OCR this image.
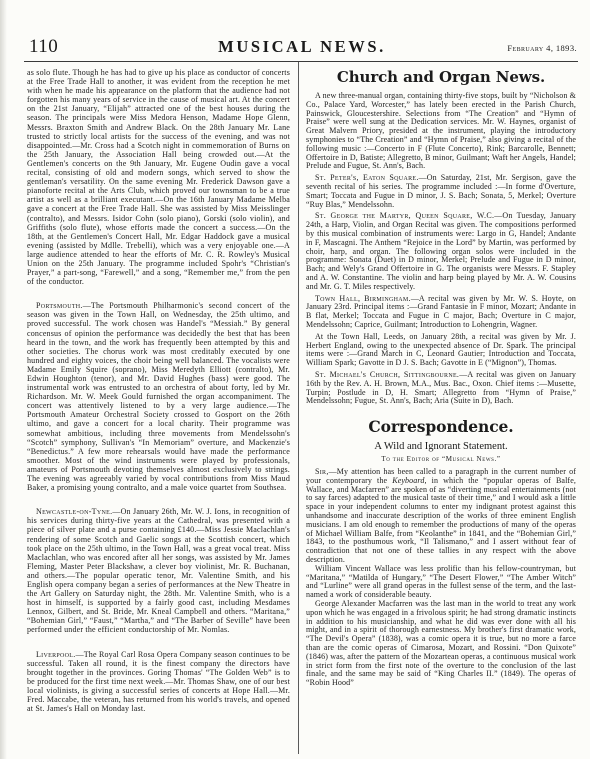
110	MUSICAL NEWS.	February 4, 1893.

as solo flute. Though he has had to give up his place as conductor of concerts at the Free Trade Hall to another, it was evident from the reception he met with when he made his appearance on the platform that the audience had not forgotten his many years of service in the cause of musical art. At the concert on the 21st January, “Elijah” attracted one of the best houses during the season. The principals were Miss Medora Henson, Madame Hope Glenn, Messrs. Braxton Smith and Andrew Black. On the 28th January Mr. Lane trusted to strictly local artists for the success of the evening, and was not disappointed.—Mr. Cross had a Scotch night in commemoration of Burns on the 25th January, the Association Hall being crowded out.—At the Gentlemen's concerts on the 9th January, Mr. Eugene Oudin gave a vocal recital, consisting of old and modern songs, which served to show the gentleman's versatility. On the same evening Mr. Frederick Dawson gave a pianoforte recital at the Arts Club, which proved our townsman to be a true artist as well as a brilliant executant.—On the 16th January Madame Melba gave a concert at the Free Trade Hall. She was assisted by Miss Meisslinger (contralto), and Messrs. Isidor Cohn (solo piano), Gorski (solo violin), and Griffiths (solo flute), whose efforts made the concert a success.—On the 18th, at the Gentlemen's Concert Hall, Mr. Edgar Haddock gave a musical evening (assisted by Mdlle. Trebelli), which was a very enjoyable one.—A large audience attended to hear the efforts of Mr. C. R. Rowley's Musical Union on the 25th January. The programme included Spohr's “Christian's Prayer,” a part-song, “Farewell,” and a song, “Remember me,” from the pen of the conductor.

Portsmouth.—The Portsmouth Philharmonic's second concert of the season was given in the Town Hall, on Wednesday, the 25th ultimo, and proved successful. The work chosen was Handel's “Messiah.” By general concensus of opinion the performance was decidedly the best that has been heard in the town, and the work has frequently been attempted by this and other societies. The chorus work was most creditably executed by one hundred and eighty voices, the choir being well balanced. The vocalists were Madame Emily Squire (soprano), Miss Meredyth Elliott (contralto), Mr. Edwin Houghton (tenor), and Mr. David Hughes (bass) were good. The instrumental work was entrusted to an orchestra of about forty, led by Mr. Richardson. Mr. W. Meek Gould furnished the organ accompaniment. The concert was attentively listened to by a very large audience.—The Portsmouth Amateur Orchestral Society crossed to Gosport on the 26th ultimo, and gave a concert for a local charity. Their programme was somewhat ambitious, including three movements from Mendelssohn's “Scotch” symphony, Sullivan's “In Memoriam” overture, and Mackenzie's “Benedictus.” A few more rehearsals would have made the performance smoother. Most of the wind instruments were played by professionals, amateurs of Portsmouth devoting themselves almost exclusively to strings. The evening was agreeably varied by vocal contributions from Miss Maud Baker, a promising young contralto, and a male voice quartet from Southsea.

Newcastle-on-Tyne.—On January 26th, Mr. W. J. Ions, in recognition of his services during thirty-five years at the Cathedral, was presented with a piece of silver plate and a purse containing £140.—Miss Jessie Maclachlan's rendering of some Scotch and Gaelic songs at the Scottish concert, which took place on the 25th ultimo, in the Town Hall, was a great vocal treat. Miss Maclachlan, who was encored after all her songs, was assisted by Mr. James Fleming, Master Peter Blackshaw, a clever boy violinist, Mr. R. Buchanan, and others.—The popular operatic tenor, Mr. Valentine Smith, and his English opera company began a series of performances at the New Theatre in the Art Gallery on Saturday night, the 28th. Mr. Valentine Smith, who is a host in himself, is supported by a fairly good cast, including Mesdames Lennox, Gilbert, and St. Bride, Mr. Kneal Campbell and others. “Maritana,” “Bohemian Girl,” “Faust,” “Martha,” and “The Barber of Seville” have been performed under the efficient conductorship of Mr. Nomlas.

Liverpool.—The Royal Carl Rosa Opera Company season continues to be successful. Taken all round, it is the finest company the directors have brought together in the provinces. Goring Thomas' “The Golden Web” is to be produced for the first time next week.—Mr. Thomas Shaw, one of our best local violinists, is giving a successful series of concerts at Hope Hall.—Mr. Fred. Maccabe, the veteran, has returned from his world's travels, and opened at St. James's Hall on Monday last.

Church and Organ News.

A new three-manual organ, containing thirty-five stops, built by “Nicholson & Co., Palace Yard, Worcester,” has lately been erected in the Parish Church, Painswick, Gloucestershire. Selections from “The Creation” and “Hymn of Praise” were well sung at the Dedication services. Mr. W. Haynes, organist of Great Malvern Priory, presided at the instrument, playing the introductory symphonies to “The Creation” and “Hymn of Praise,” also giving a recital of the following music :—Concerto in F (Flute Concerto), Rink; Barcarolle, Bennett; Offertoire in D, Batiste; Allegretto, B minor, Guilmant; Waft her Angels, Handel; Prelude and Fugue, St. Ann's, Bach.

St. Peter's, Eaton Square.—On Saturday, 21st, Mr. Sergison, gave the seventh recital of his series. The programme included :—In forme d'Overture, Smart; Toccata and Fugue in D minor, J. S. Bach; Sonata, 5, Merkel; Overture “Ruy Blas,” Mendelssohn.

St. George the Martyr, Queen Square, W.C.—On Tuesday, January 24th, a Harp, Violin, and Organ Recital was given. The compositions performed by this musical combination of instruments were: Largo in G, Handel; Andante in F, Mascagni. The Anthem “Rejoice in the Lord” by Martin, was performed by choir, harp, and organ. The following organ solos were included in the programme: Sonata (Duet) in D minor, Merkel; Prelude and Fugue in D minor, Bach; and Wely's Grand Offertoire in G. The organists were Messrs. F. Stapley and A. W. Constantine. The violin and harp being played by Mr. A. W. Cousins and Mr. G. T. Miles respectively.

Town Hall, Birmingham.—A recital was given by Mr. W. S. Hoyte, on January 23rd. Principal items :—Grand Fantasie in F minor, Mozart; Andante in B flat, Merkel; Toccata and Fugue in C major, Bach; Overture in C major, Mendelssohn; Caprice, Guilmant; Introduction to Lohengrin, Wagner.

At the Town Hall, Leeds, on January 28th, a recital was given by Mr. J. Herbert England, owing to the unexpected absence of Dr. Spark. The principal items were :—Grand March in C, Leonard Gautier; Introduction and Toccata, William Spark; Gavotte in D J. S. Bach; Gavotte in E (“Mignon”), Thomas.

St. Michael's Church, Sittingbourne.—A recital was given on January 16th by the Rev. A. H. Brown, M.A., Mus. Bac., Oxon. Chief items :—Musette, Turpin; Postlude in D, H. Smart; Allegretto from “Hymn of Praise,” Mendelssohn; Fugue, St. Ann's, Bach; Aria (Suite in D), Bach.

Correspondence.
A Wild and Ignorant Statement.
To the Editor of “Musical News.”

Sir,—My attention has been called to a paragraph in the current number of your contemporary the Keyboard, in which the “popular operas of Balfe, Wallace, and Macfarren” are spoken of as “diverting musical entertainments (not to say farces) adapted to the musical taste of their time,” and I would ask a little space in your independent columns to enter my indignant protest against this unhandsome and inaccurate description of the works of three eminent English musicians. I am old enough to remember the productions of many of the operas of Michael William Balfe, from “Keolanthe” in 1841, and the “Bohemian Girl,” 1843, to the posthumous work, “Il Talismano,” and I assert without fear of contradiction that not one of these tallies in any respect with the above description.

William Vincent Wallace was less prolific than his fellow-countryman, but “Maritana,” “Matilda of Hungary,” “The Desert Flower,” “The Amber Witch” and “Lurline” were all grand operas in the fullest sense of the term, and the last-named a work of considerable beauty.

George Alexander Macfarren was the last man in the world to treat any work upon which he was engaged in a frivolous spirit; he had strong dramatic instincts in addition to his musicianship, and what he did was ever done with all his might, and in a spirit of thorough earnestness. My brother's first dramatic work, “The Devil's Opera” (1838), was a comic opera it is true, but no more a farce than are the comic operas of Cimarosa, Mozart, and Rossini. “Don Quixote” (1846) was, after the pattern of the Mozartean operas, a continuous musical work in strict form from the first note of the overture to the conclusion of the last finale, and the same may be said of “King Charles II.” (1849). The operas of “Robin Hood”
